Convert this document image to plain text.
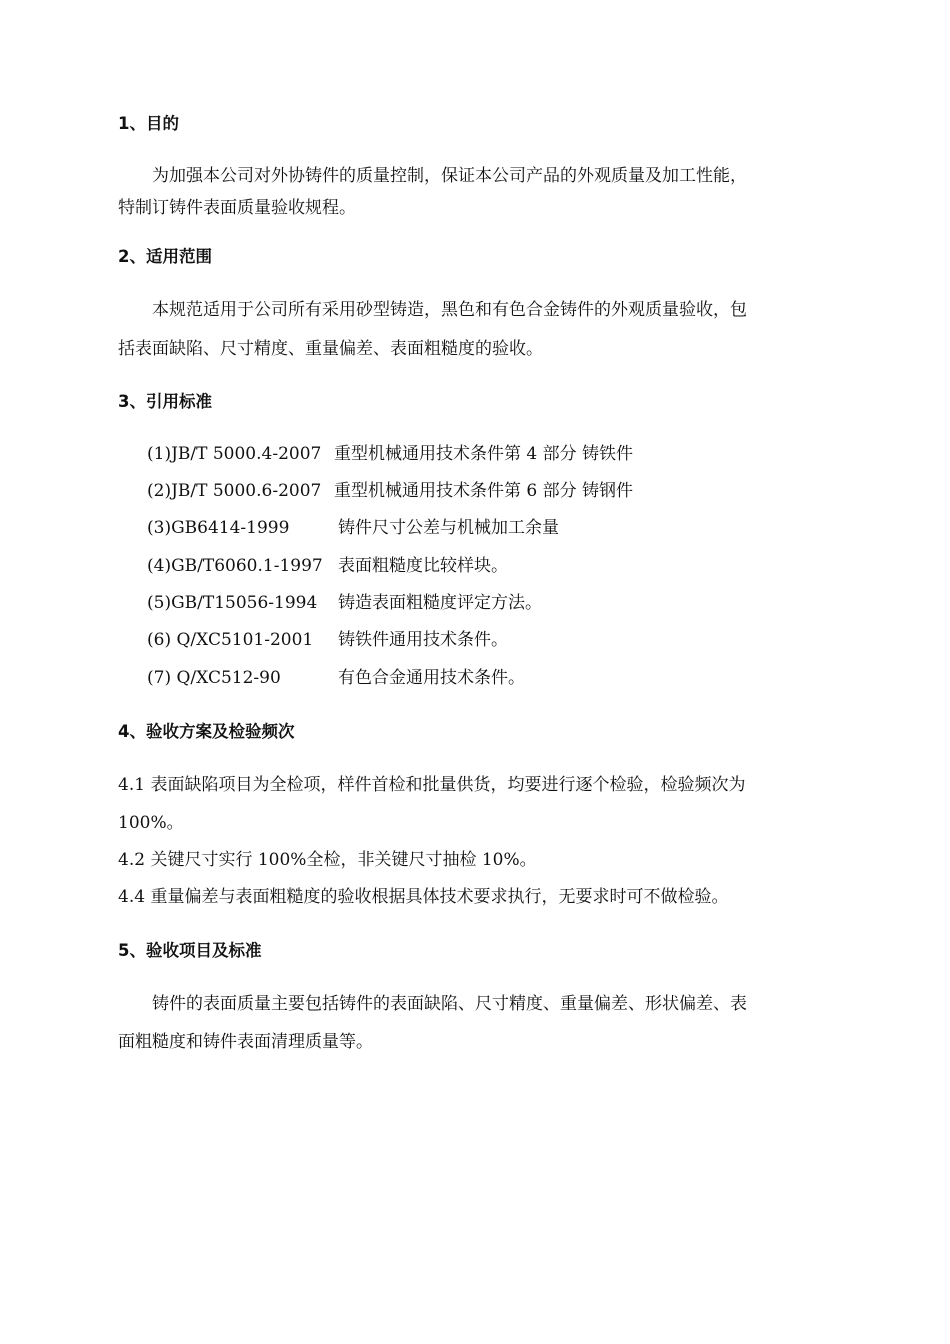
1、目的
为加强本公司对外协铸件的质量控制，保证本公司产品的外观质量及加工性能，
特制订铸件表面质量验收规程。
2、适用范围
本规范适用于公司所有采用砂型铸造，黑色和有色合金铸件的外观质量验收，包
括表面缺陷、尺寸精度、重量偏差、表面粗糙度的验收。
3、引用标准
(1)JB/T 5000.4-2007 重型机械通用技术条件第 4 部分 铸铁件
(2)JB/T 5000.6-2007 重型机械通用技术条件第 6 部分 铸钢件
(3)GB6414-1999	铸件尺寸公差与机械加工余量
(4)GB/T6060.1-1997 表面粗糙度比较样块。
(5)GB/T15056-1994 铸造表面粗糙度评定方法。
(6) Q/XC5101-2001 铸铁件通用技术条件。
(7) Q/XC512-90	有色合金通用技术条件。
4、验收方案及检验频次
4.1 表面缺陷项目为全检项，样件首检和批量供货，均要进行逐个检验，检验频次为
100%。
4.2 关键尺寸实行 100%全检，非关键尺寸抽检 10%。
4.4 重量偏差与表面粗糙度的验收根据具体技术要求执行，无要求时可不做检验。
5、验收项目及标准
铸件的表面质量主要包括铸件的表面缺陷、尺寸精度、重量偏差、形状偏差、表
面粗糙度和铸件表面清理质量等。
